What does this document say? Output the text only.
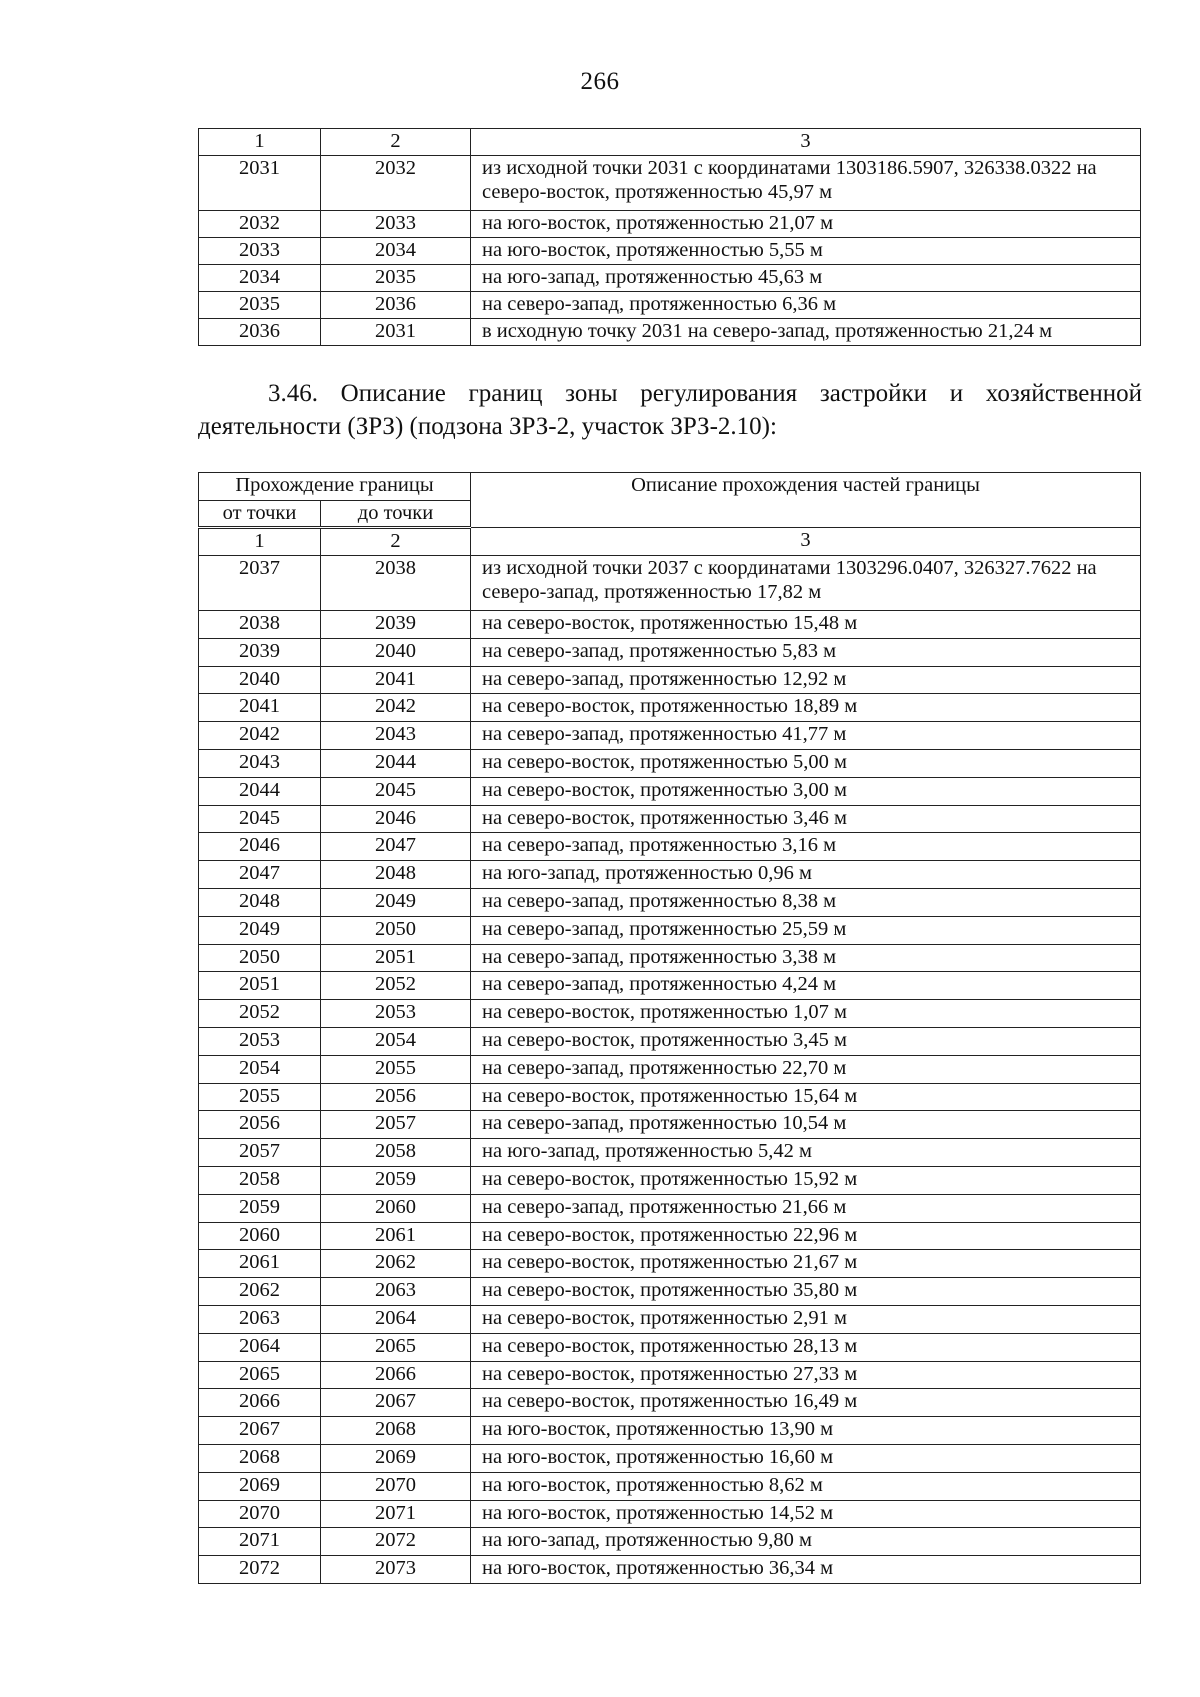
266
1	2	3
2031	2032	из исходной точки 2031 с координатами 1303186.5907, 326338.0322 на северо-восток, протяженностью 45,97 м
2032	2033	на юго-восток, протяженностью 21,07 м
2033	2034	на юго-восток, протяженностью 5,55 м
2034	2035	на юго-запад, протяженностью 45,63 м
2035	2036	на северо-запад, протяженностью 6,36 м
2036	2031	в исходную точку 2031 на северо-запад, протяженностью 21,24 м
3.46. Описание границ зоны регулирования застройки и хозяйственной деятельности (ЗРЗ) (подзона ЗРЗ-2, участок ЗРЗ-2.10):
Прохождение границы		Описание прохождения частей границы
от точки	до точки	
1	2	3
2037	2038	из исходной точки 2037 с координатами 1303296.0407, 326327.7622 на северо-запад, протяженностью 17,82 м
2038	2039	на северо-восток, протяженностью 15,48 м
2039	2040	на северо-запад, протяженностью 5,83 м
2040	2041	на северо-запад, протяженностью 12,92 м
2041	2042	на северо-восток, протяженностью 18,89 м
2042	2043	на северо-запад, протяженностью 41,77 м
2043	2044	на северо-восток, протяженностью 5,00 м
2044	2045	на северо-восток, протяженностью 3,00 м
2045	2046	на северо-восток, протяженностью 3,46 м
2046	2047	на северо-запад, протяженностью 3,16 м
2047	2048	на юго-запад, протяженностью 0,96 м
2048	2049	на северо-запад, протяженностью 8,38 м
2049	2050	на северо-запад, протяженностью 25,59 м
2050	2051	на северо-запад, протяженностью 3,38 м
2051	2052	на северо-запад, протяженностью 4,24 м
2052	2053	на северо-восток, протяженностью 1,07 м
2053	2054	на северо-восток, протяженностью 3,45 м
2054	2055	на северо-запад, протяженностью 22,70 м
2055	2056	на северо-восток, протяженностью 15,64 м
2056	2057	на северо-запад, протяженностью 10,54 м
2057	2058	на юго-запад, протяженностью 5,42 м
2058	2059	на северо-восток, протяженностью 15,92 м
2059	2060	на северо-запад, протяженностью 21,66 м
2060	2061	на северо-восток, протяженностью 22,96 м
2061	2062	на северо-восток, протяженностью 21,67 м
2062	2063	на северо-восток, протяженностью 35,80 м
2063	2064	на северо-восток, протяженностью 2,91 м
2064	2065	на северо-восток, протяженностью 28,13 м
2065	2066	на северо-восток, протяженностью 27,33 м
2066	2067	на северо-восток, протяженностью 16,49 м
2067	2068	на юго-восток, протяженностью 13,90 м
2068	2069	на юго-восток, протяженностью 16,60 м
2069	2070	на юго-восток, протяженностью 8,62 м
2070	2071	на юго-восток, протяженностью 14,52 м
2071	2072	на юго-запад, протяженностью 9,80 м
2072	2073	на юго-восток, протяженностью 36,34 м
